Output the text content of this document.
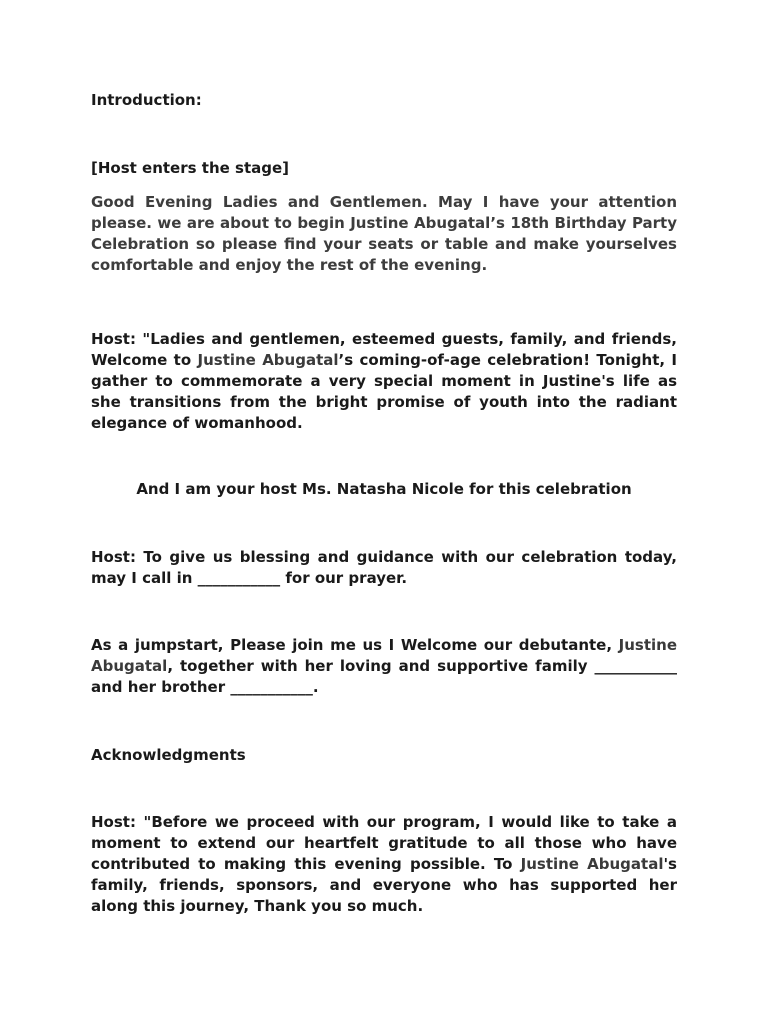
Introduction:

[Host enters the stage]

Good Evening Ladies and Gentlemen. May I have your attention please. we are about to begin Justine Abugatal’s 18th Birthday Party Celebration so please find your seats or table and make yourselves comfortable and enjoy the rest of the evening.

Host: "Ladies and gentlemen, esteemed guests, family, and friends, Welcome to Justine Abugatal’s coming-of-age celebration! Tonight, I gather to commemorate a very special moment in Justine's life as she transitions from the bright promise of youth into the radiant elegance of womanhood.

And I am your host Ms. Natasha Nicole for this celebration

Host: To give us blessing and guidance with our celebration today, may I call in ___________ for our prayer.

As a jumpstart, Please join me us I Welcome our debutante, Justine Abugatal, together with her loving and supportive family ___________ and her brother ___________.

Acknowledgments

Host: "Before we proceed with our program, I would like to take a moment to extend our heartfelt gratitude to all those who have contributed to making this evening possible. To Justine Abugatal's family, friends, sponsors, and everyone who has supported her along this journey, Thank you so much.
